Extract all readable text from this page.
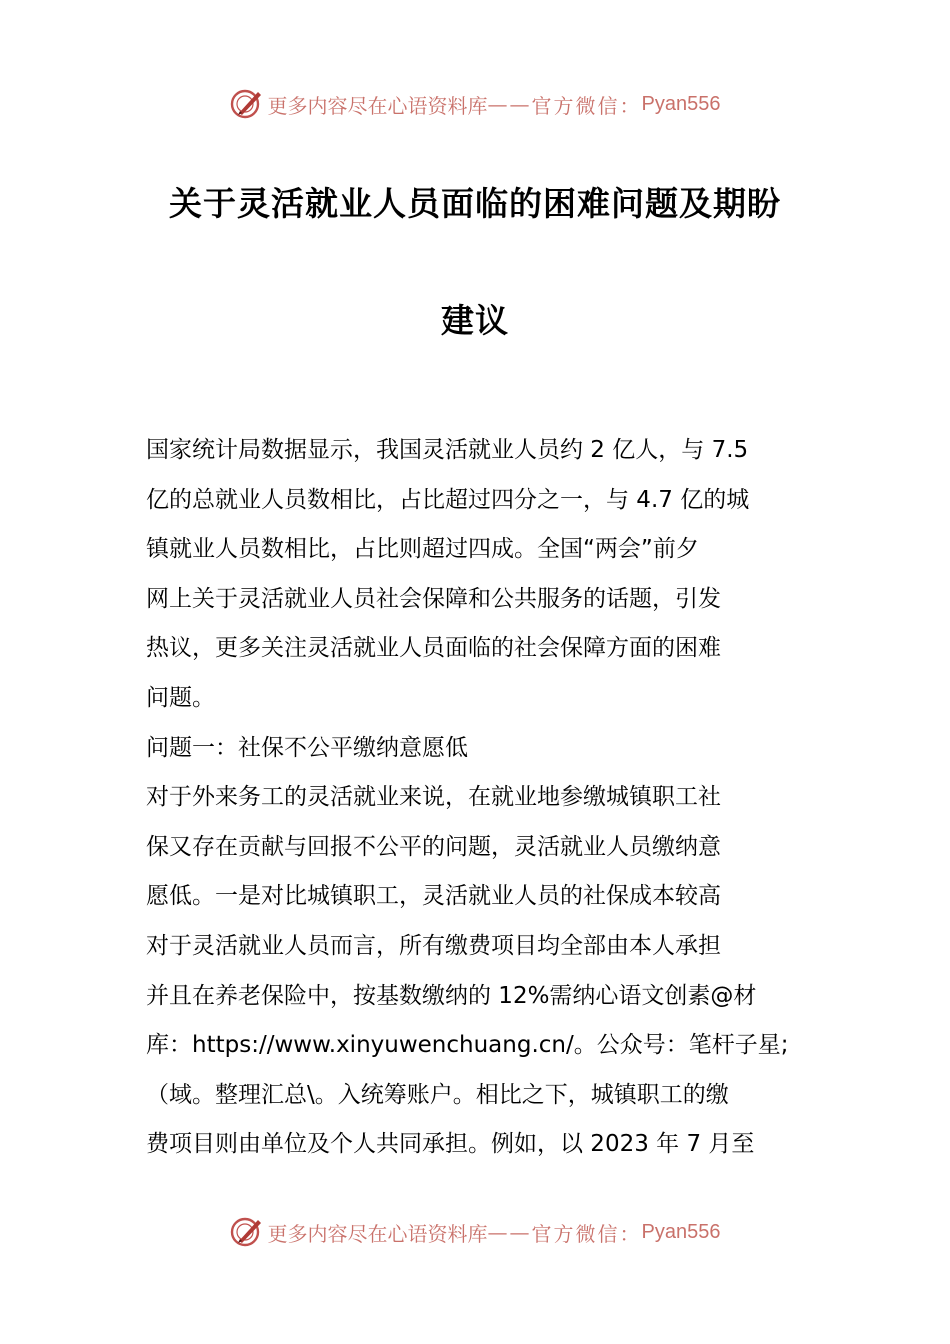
更多内容尽在心语资料库 —— 官方微信： Pyan556
关于灵活就业人员面临的困难问题及期盼
建议
国家统计局数据显示，我国灵活就业人员约 2 亿人，与 7.5
亿的总就业人员数相比，占比超过四分之一，与 4.7 亿的城
镇就业人员数相比，占比则超过四成。全国“两会”前夕
网上关于灵活就业人员社会保障和公共服务的话题，引发
热议，更多关注灵活就业人员面临的社会保障方面的困难
问题。
问题一：社保不公平缴纳意愿低
对于外来务工的灵活就业来说，在就业地参缴城镇职工社
保又存在贡献与回报不公平的问题，灵活就业人员缴纳意
愿低。一是对比城镇职工，灵活就业人员的社保成本较高
对于灵活就业人员而言，所有缴费项目均全部由本人承担
并且在养老保险中，按基数缴纳的 12%需纳心语文创素@材
库：https://www.xinyuwenchuang.cn/。公众号：笔杆子星;
（域。整理汇总\。入统筹账户。相比之下，城镇职工的缴
费项目则由单位及个人共同承担。例如，以 2023 年 7 月至
更多内容尽在心语资料库 —— 官方微信： Pyan556
